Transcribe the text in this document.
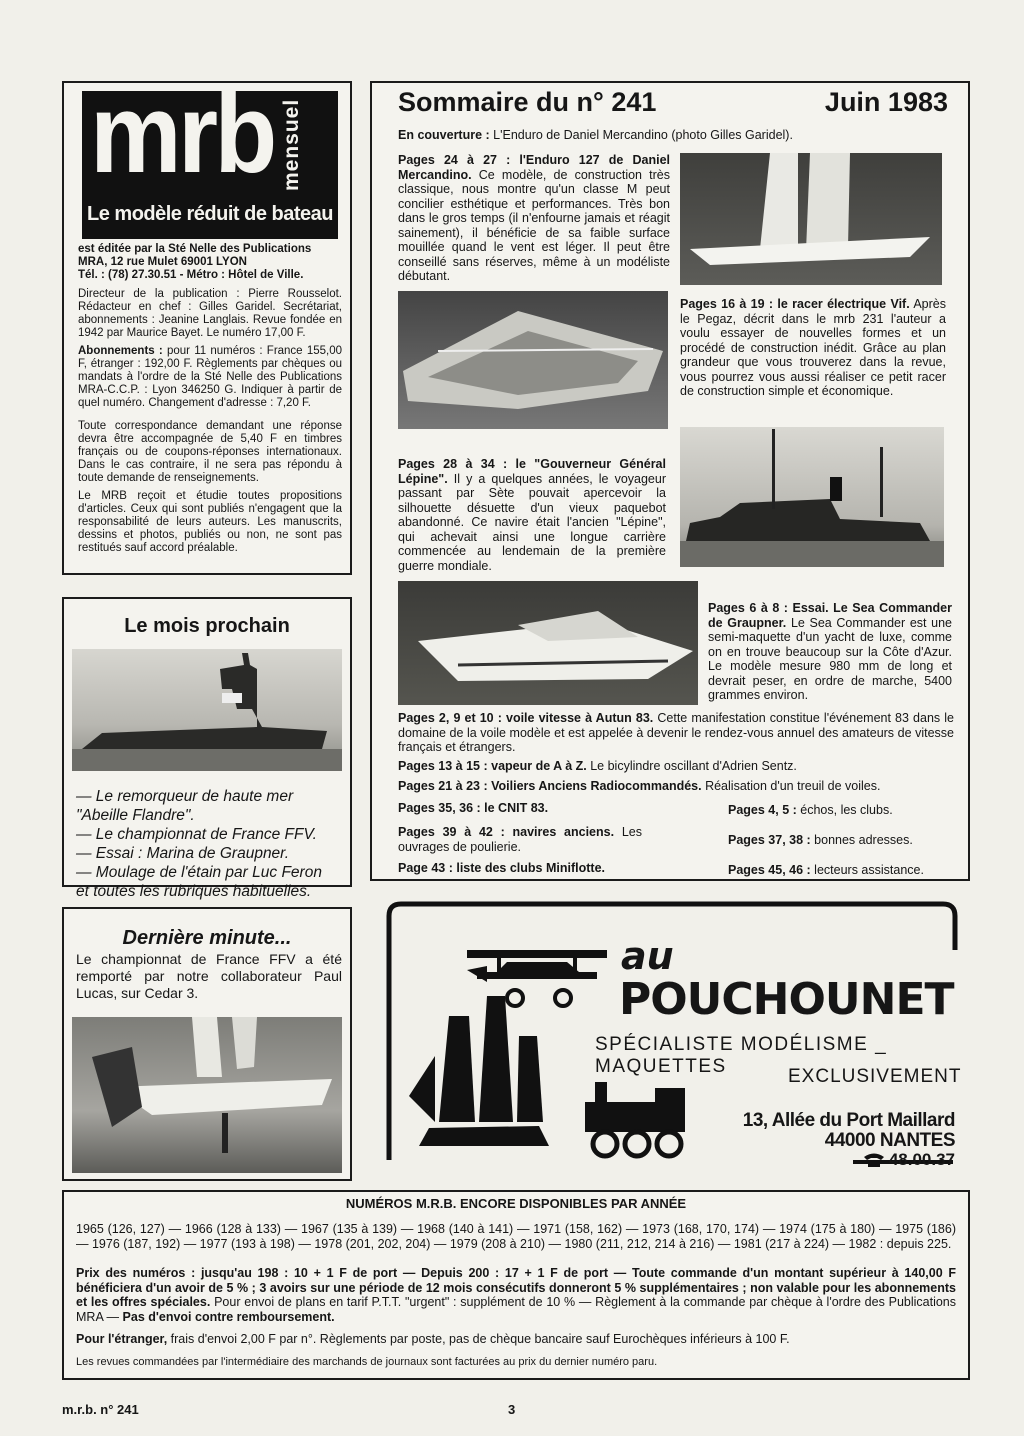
mrb mensuel
Le modèle réduit de bateau
est éditée par la Sté Nelle des Publications
MRA, 12 rue Mulet 69001 LYON
Tél. : (78) 27.30.51 - Métro : Hôtel de Ville.
Directeur de la publication : Pierre Rousselot. Rédacteur en chef : Gilles Garidel. Secrétariat, abonnements : Jeanine Langlais. Revue fondée en 1942 par Maurice Bayet. Le numéro 17,00 F.
Abonnements : pour 11 numéros : France 155,00 F, étranger : 192,00 F. Règlements par chèques ou mandats à l'ordre de la Sté Nelle des Publications MRA-C.C.P. : Lyon 346250 G. Indiquer à partir de quel numéro. Changement d'adresse : 7,20 F.
Toute correspondance demandant une réponse devra être accompagnée de 5,40 F en timbres français ou de coupons-réponses internationaux. Dans le cas contraire, il ne sera pas répondu à toute demande de renseignements.
Le MRB reçoit et étudie toutes propositions d'articles. Ceux qui sont publiés n'engagent que la responsabilité de leurs auteurs. Les manuscrits, dessins et photos, publiés ou non, ne sont pas restitués sauf accord préalable.
Le mois prochain
— Le remorqueur de haute mer "Abeille Flandre".
— Le championnat de France FFV.
— Essai : Marina de Graupner.
— Moulage de l'étain par Luc Feron
et toutes les rubriques habituelles.
Dernière minute...
Le championnat de France FFV a été remporté par notre collaborateur Paul Lucas, sur Cedar 3.
Sommaire du n° 241	Juin 1983
En couverture : L'Enduro de Daniel Mercandino (photo Gilles Garidel).
Pages 24 à 27 : l'Enduro 127 de Daniel Mercandino. Ce modèle, de construction très classique, nous montre qu'un classe M peut concilier esthétique et performances. Très bon dans le gros temps (il n'enfourne jamais et réagit sainement), il bénéficie de sa faible surface mouillée quand le vent est léger. Il peut être conseillé sans réserves, même à un modéliste débutant.
Pages 16 à 19 : le racer électrique Vif. Après le Pegaz, décrit dans le mrb 231 l'auteur a voulu essayer de nouvelles formes et un procédé de construction inédit. Grâce au plan grandeur que vous trouverez dans la revue, vous pourrez vous aussi réaliser ce petit racer de construction simple et économique.
Pages 28 à 34 : le "Gouverneur Général Lépine". Il y a quelques années, le voyageur passant par Sète pouvait apercevoir la silhouette désuette d'un vieux paquebot abandonné. Ce navire était l'ancien "Lépine", qui achevait ainsi une longue carrière commencée au lendemain de la première guerre mondiale.
Pages 6 à 8 : Essai. Le Sea Commander de Graupner. Le Sea Commander est une semi-maquette d'un yacht de luxe, comme on en trouve beaucoup sur la Côte d'Azur. Le modèle mesure 980 mm de long et devrait peser, en ordre de marche, 5400 grammes environ.
Pages 2, 9 et 10 : voile vitesse à Autun 83. Cette manifestation constitue l'événement 83 dans le domaine de la voile modèle et est appelée à devenir le rendez-vous annuel des amateurs de vitesse français et étrangers.
Pages 13 à 15 : vapeur de A à Z. Le bicylindre oscillant d'Adrien Sentz.
Pages 21 à 23 : Voiliers Anciens Radiocommandés. Réalisation d'un treuil de voiles.
Pages 35, 36 : le CNIT 83.
Pages 39 à 42 : navires anciens. Les ouvrages de poulierie.
Page 43 : liste des clubs Miniflotte.
Pages 4, 5 : échos, les clubs.
Pages 37, 38 : bonnes adresses.
Pages 45, 46 : lecteurs assistance.
au
POUCHOUNET
SPÉCIALISTE MODÉLISME _ MAQUETTES	EXCLUSIVEMENT
13, Allée du Port Maillard
44000 NANTES
48.00.37
NUMÉROS M.R.B. ENCORE DISPONIBLES PAR ANNÉE
1965 (126, 127) — 1966 (128 à 133) — 1967 (135 à 139) — 1968 (140 à 141) — 1971 (158, 162) — 1973 (168, 170, 174) — 1974 (175 à 180) — 1975 (186) — 1976 (187, 192) — 1977 (193 à 198) — 1978 (201, 202, 204) — 1979 (208 à 210) — 1980 (211, 212, 214 à 216) — 1981 (217 à 224) — 1982 : depuis 225.
Prix des numéros : jusqu'au 198 : 10 + 1 F de port — Depuis 200 : 17 + 1 F de port — Toute commande d'un montant supérieur à 140,00 F bénéficiera d'un avoir de 5 % ; 3 avoirs sur une période de 12 mois consécutifs donneront 5 % supplémentaires ; non valable pour les abonnements et les offres spéciales. Pour envoi de plans en tarif P.T.T. "urgent" : supplément de 10 % — Règlement à la commande par chèque à l'ordre des Publications MRA — Pas d'envoi contre remboursement.
Pour l'étranger, frais d'envoi 2,00 F par n°. Règlements par poste, pas de chèque bancaire sauf Eurochèques inférieurs à 100 F.
Les revues commandées par l'intermédiaire des marchands de journaux sont facturées au prix du dernier numéro paru.
m.r.b. n° 241	3
